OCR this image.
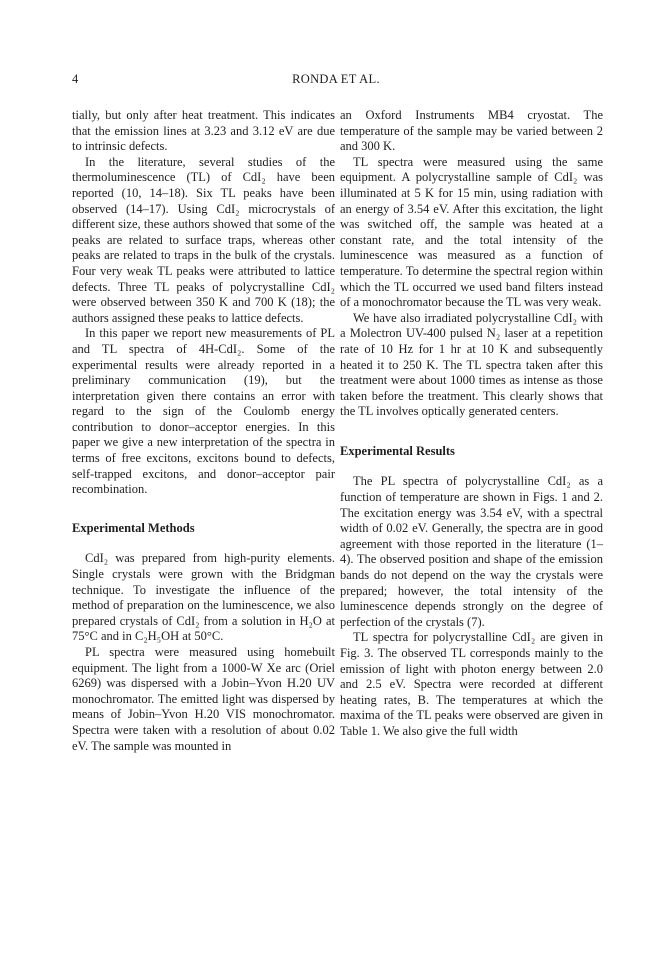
4	RONDA ET AL.

tially, but only after heat treatment. This indicates that the emission lines at 3.23 and 3.12 eV are due to intrinsic defects.

In the literature, several studies of the thermoluminescence (TL) of CdI₂ have been reported (10, 14–18). Six TL peaks have been observed (14–17). Using CdI₂ microcrystals of different size, these authors showed that some of the peaks are related to surface traps, whereas other peaks are related to traps in the bulk of the crystals. Four very weak TL peaks were attributed to lattice defects. Three TL peaks of polycrystalline CdI₂ were observed between 350 K and 700 K (18); the authors assigned these peaks to lattice defects.

In this paper we report new measurements of PL and TL spectra of 4H-CdI₂. Some of the experimental results were already reported in a preliminary communication (19), but the interpretation given there contains an error with regard to the sign of the Coulomb energy contribution to donor–acceptor energies. In this paper we give a new interpretation of the spectra in terms of free excitons, excitons bound to defects, self-trapped excitons, and donor–acceptor pair recombination.

Experimental Methods

CdI₂ was prepared from high-purity elements. Single crystals were grown with the Bridgman technique. To investigate the influence of the method of preparation on the luminescence, we also prepared crystals of CdI₂ from a solution in H₂O at 75°C and in C₂H₅OH at 50°C.

PL spectra were measured using homebuilt equipment. The light from a 1000-W Xe arc (Oriel 6269) was dispersed with a Jobin–Yvon H.20 UV monochromator. The emitted light was dispersed by means of Jobin–Yvon H.20 VIS monochromator. Spectra were taken with a resolution of about 0.02 eV. The sample was mounted in

an Oxford Instruments MB4 cryostat. The temperature of the sample may be varied between 2 and 300 K.

TL spectra were measured using the same equipment. A polycrystalline sample of CdI₂ was illuminated at 5 K for 15 min, using radiation with an energy of 3.54 eV. After this excitation, the light was switched off, the sample was heated at a constant rate, and the total intensity of the luminescence was measured as a function of temperature. To determine the spectral region within which the TL occurred we used band filters instead of a monochromator because the TL was very weak.

We have also irradiated polycrystalline CdI₂ with a Molectron UV-400 pulsed N₂ laser at a repetition rate of 10 Hz for 1 hr at 10 K and subsequently heated it to 250 K. The TL spectra taken after this treatment were about 1000 times as intense as those taken before the treatment. This clearly shows that the TL involves optically generated centers.

Experimental Results

The PL spectra of polycrystalline CdI₂ as a function of temperature are shown in Figs. 1 and 2. The excitation energy was 3.54 eV, with a spectral width of 0.02 eV. Generally, the spectra are in good agreement with those reported in the literature (1–4). The observed position and shape of the emission bands do not depend on the way the crystals were prepared; however, the total intensity of the luminescence depends strongly on the degree of perfection of the crystals (7).

TL spectra for polycrystalline CdI₂ are given in Fig. 3. The observed TL corresponds mainly to the emission of light with photon energy between 2.0 and 2.5 eV. Spectra were recorded at different heating rates, B. The temperatures at which the maxima of the TL peaks were observed are given in Table 1. We also give the full width
